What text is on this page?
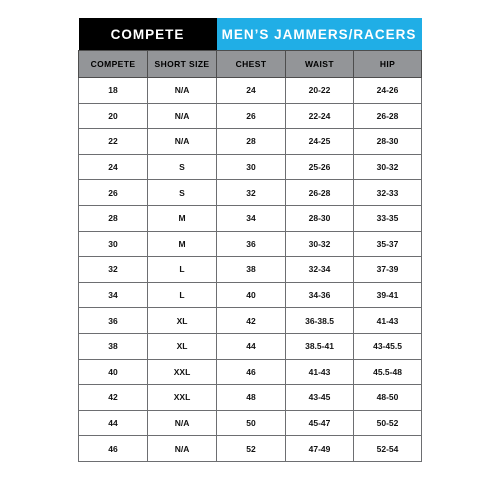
COMPETE		MEN’S JAMMERS/RACERS		
COMPETE	SHORT SIZE	CHEST	WAIST	HIP
18	N/A	24	20-22	24-26
20	N/A	26	22-24	26-28
22	N/A	28	24-25	28-30
24	S	30	25-26	30-32
26	S	32	26-28	32-33
28	M	34	28-30	33-35
30	M	36	30-32	35-37
32	L	38	32-34	37-39
34	L	40	34-36	39-41
36	XL	42	36-38.5	41-43
38	XL	44	38.5-41	43-45.5
40	XXL	46	41-43	45.5-48
42	XXL	48	43-45	48-50
44	N/A	50	45-47	50-52
46	N/A	52	47-49	52-54
